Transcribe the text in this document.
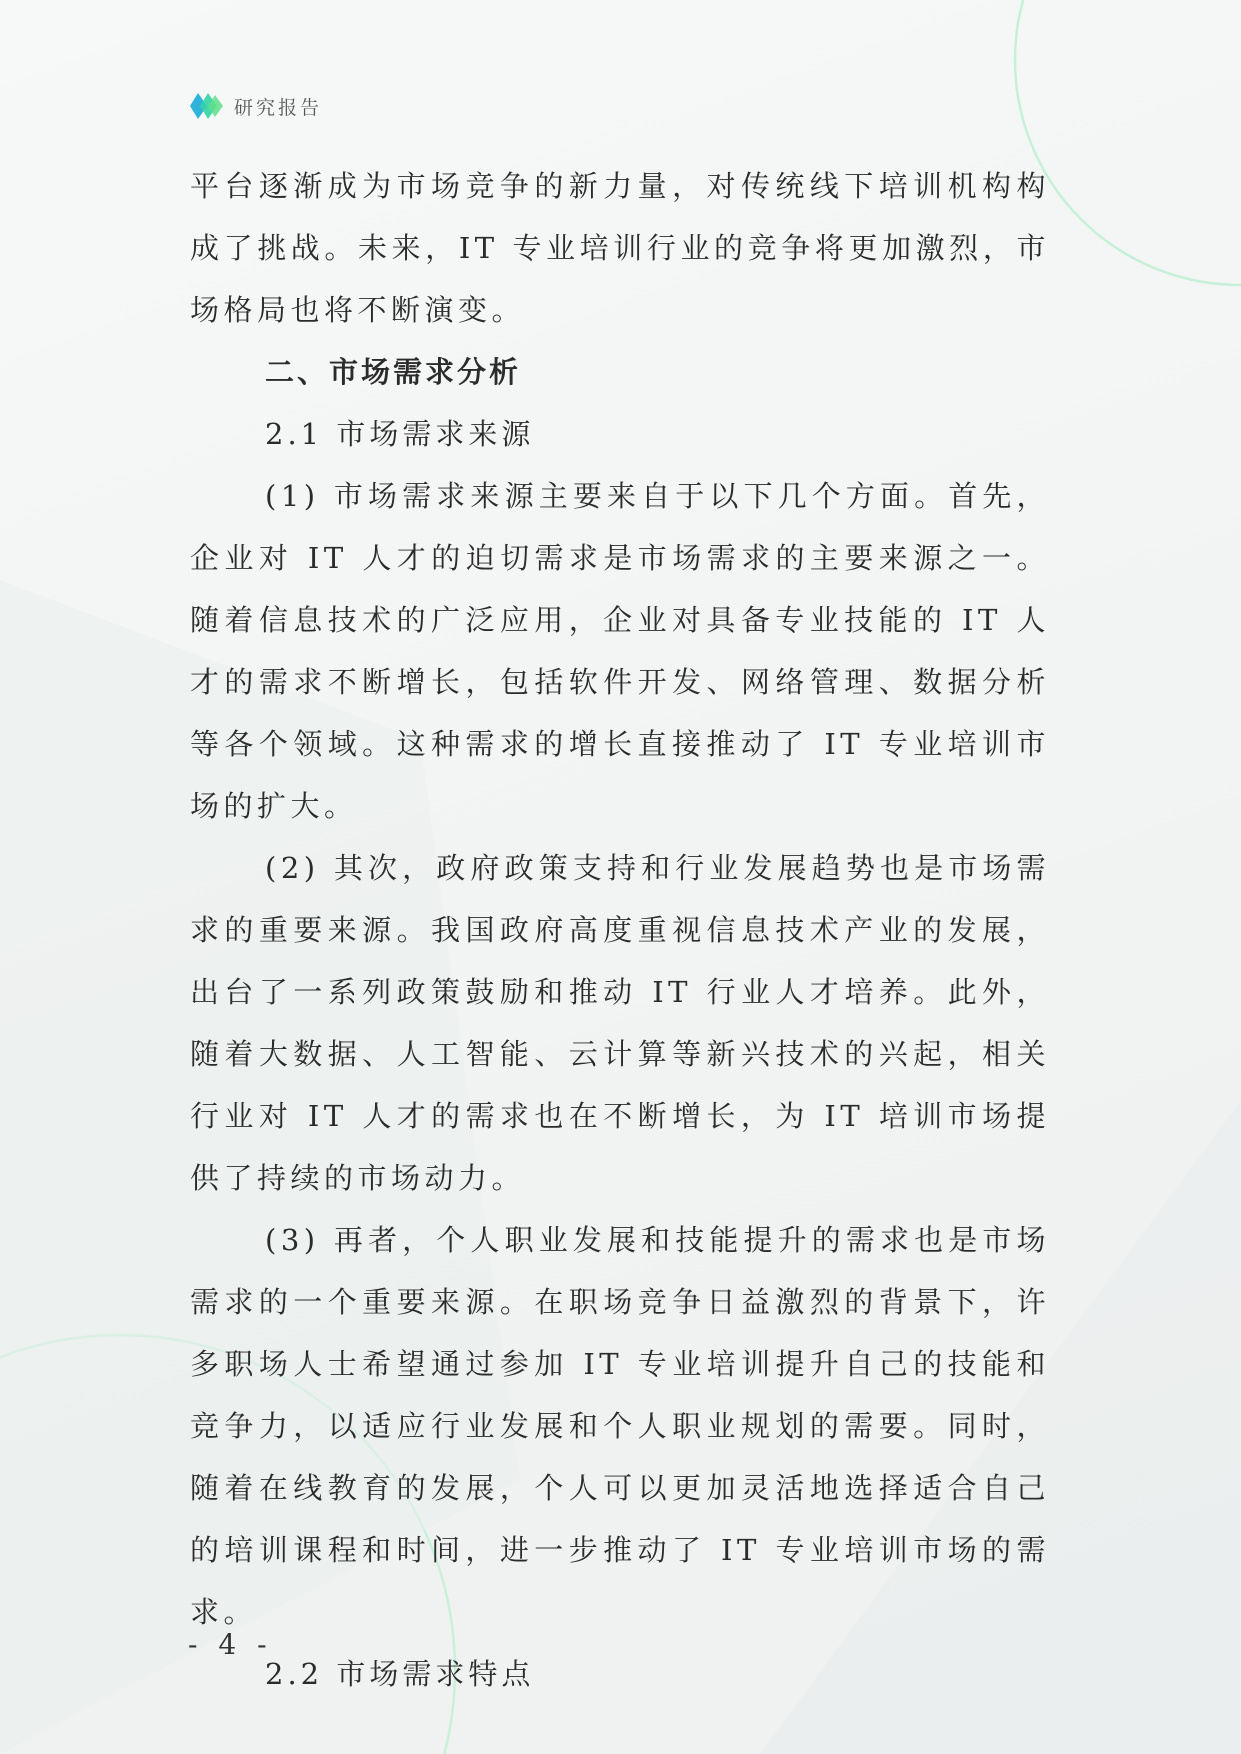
研究报告

平台逐渐成为市场竞争的新力量，对传统线下培训机构构成了挑战。未来，IT 专业培训行业的竞争将更加激烈，市场格局也将不断演变。

二、市场需求分析

2.1 市场需求来源

(1) 市场需求来源主要来自于以下几个方面。首先，企业对 IT 人才的迫切需求是市场需求的主要来源之一。随着信息技术的广泛应用，企业对具备专业技能的 IT 人才的需求不断增长，包括软件开发、网络管理、数据分析等各个领域。这种需求的增长直接推动了 IT 专业培训市场的扩大。

(2) 其次，政府政策支持和行业发展趋势也是市场需求的重要来源。我国政府高度重视信息技术产业的发展，出台了一系列政策鼓励和推动 IT 行业人才培养。此外，随着大数据、人工智能、云计算等新兴技术的兴起，相关行业对 IT 人才的需求也在不断增长，为 IT 培训市场提供了持续的市场动力。

(3) 再者，个人职业发展和技能提升的需求也是市场需求的一个重要来源。在职场竞争日益激烈的背景下，许多职场人士希望通过参加 IT 专业培训提升自己的技能和竞争力，以适应行业发展和个人职业规划的需要。同时，随着在线教育的发展，个人可以更加灵活地选择适合自己的培训课程和时间，进一步推动了 IT 专业培训市场的需求。

2.2 市场需求特点

- 4 -
